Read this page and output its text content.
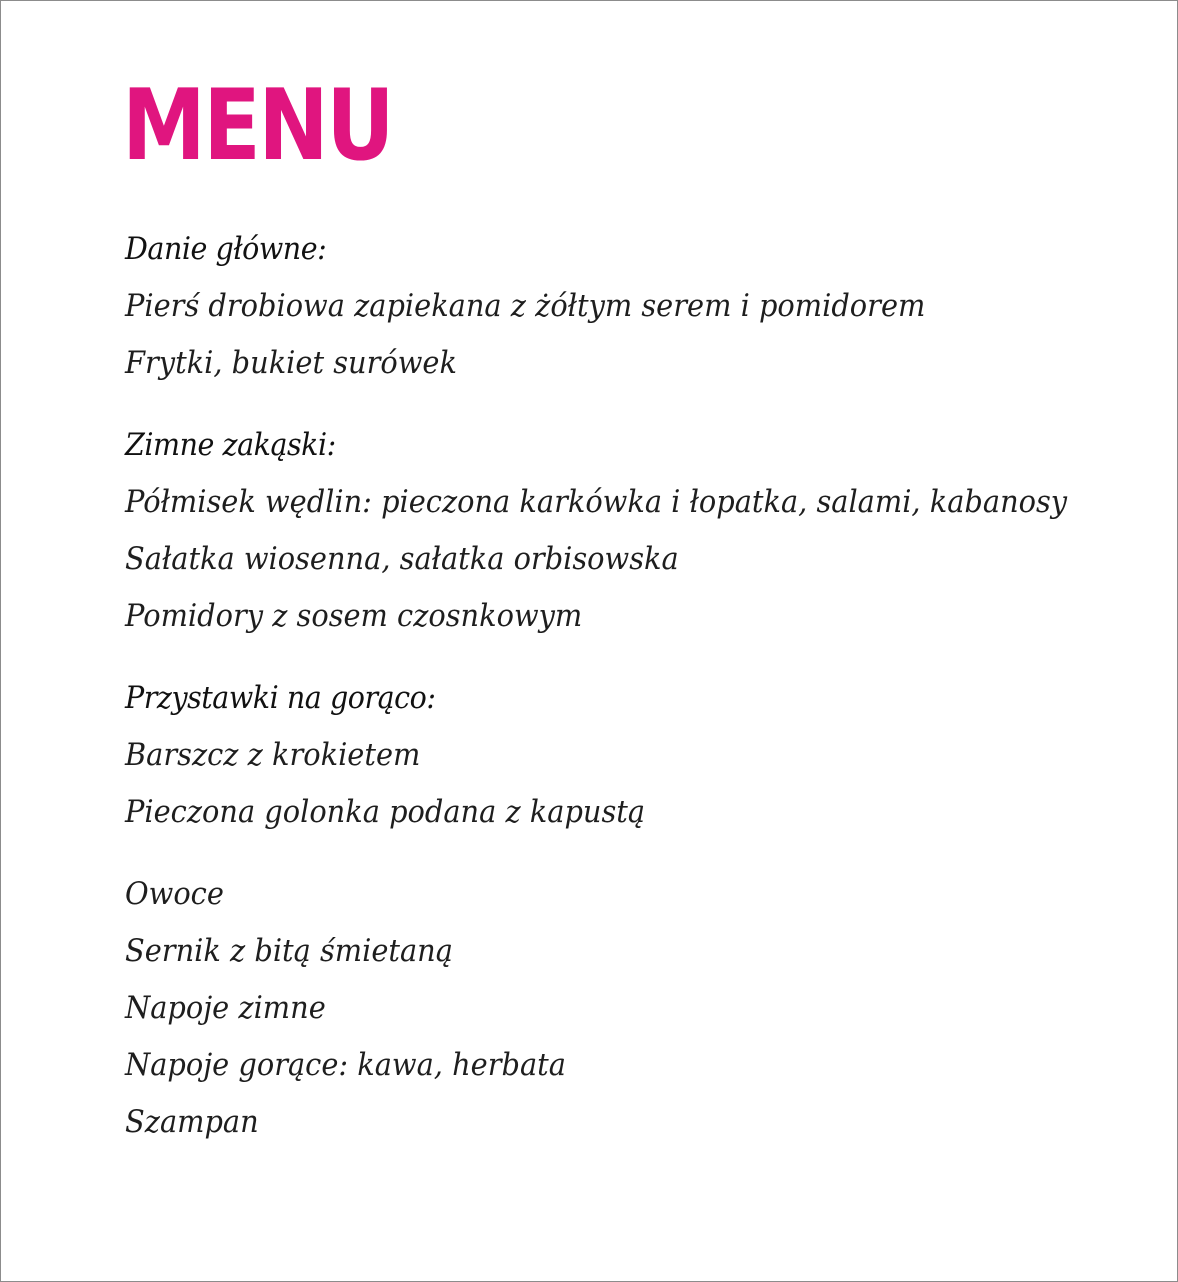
MENU
Danie główne:
Pierś drobiowa zapiekana z żółtym serem i pomidorem
Frytki, bukiet surówek
Zimne zakąski:
Półmisek wędlin: pieczona karkówka i łopatka, salami, kabanosy
Sałatka wiosenna, sałatka orbisowska
Pomidory z sosem czosnkowym
Przystawki na gorąco:
Barszcz z krokietem
Pieczona golonka podana z kapustą
Owoce
Sernik z bitą śmietaną
Napoje zimne
Napoje gorące: kawa, herbata
Szampan
